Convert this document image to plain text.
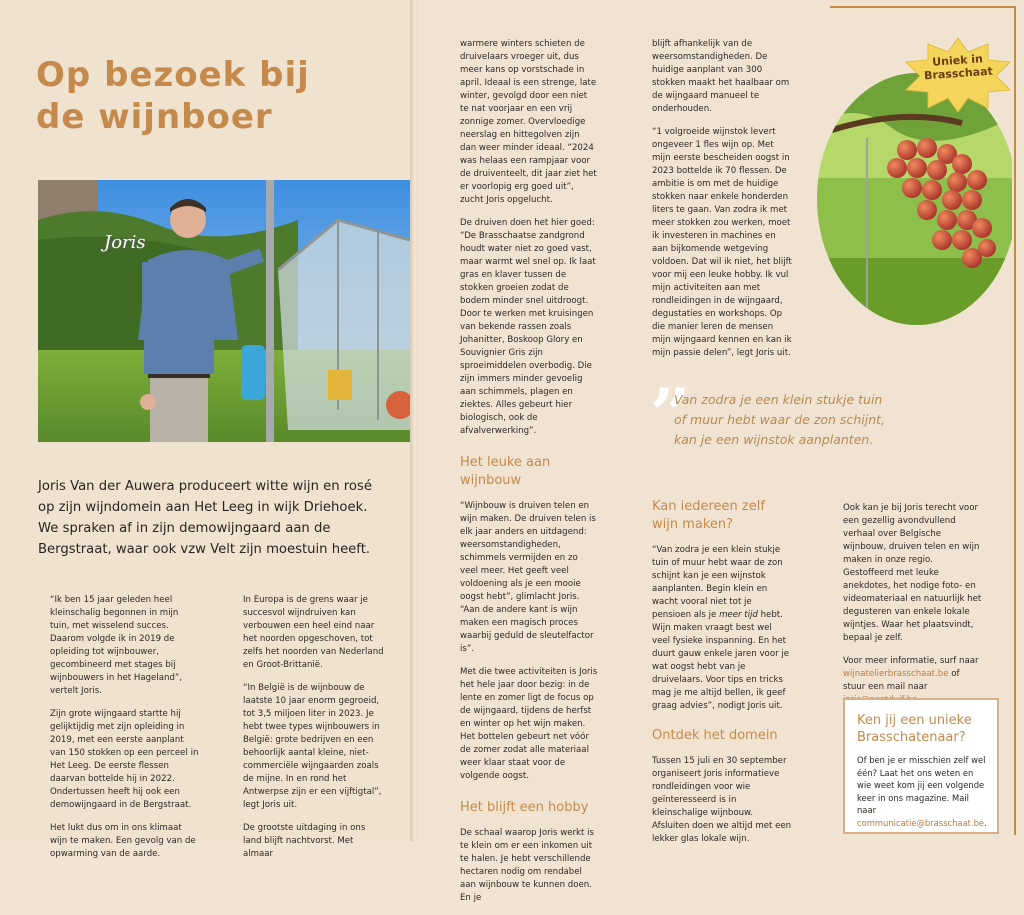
Op bezoek bij
de wijnboer
Joris
Joris Van der Auwera produceert witte wijn en rosé op zijn wijndomein aan Het Leeg in wijk Driehoek. We spraken af in zijn demowijngaard aan de Bergstraat, waar ook vzw Velt zijn moestuin heeft.

“Ik ben 15 jaar geleden heel kleinschalig begonnen in mijn tuin, met wisselend succes. Daarom volgde ik in 2019 de opleiding tot wijnbouwer, gecombineerd met stages bij wijnbouwers in het Hageland”, vertelt Joris.

Zijn grote wijngaard startte hij gelijktijdig met zijn opleiding in 2019, met een eerste aanplant van 150 stokken op een perceel in Het Leeg. De eerste flessen daarvan bottelde hij in 2022. Ondertussen heeft hij ook een demowijngaard in de Bergstraat.

Het lukt dus om in ons klimaat wijn te maken. Een gevolg van de opwarming van de aarde.

In Europa is de grens waar je succesvol wijndruiven kan verbouwen een heel eind naar het noorden opgeschoven, tot zelfs het noorden van Nederland en Groot-Brittanië.

“In België is de wijnbouw de laatste 10 jaar enorm gegroeid, tot 3,5 miljoen liter in 2023. Je hebt twee types wijnbouwers in België: grote bedrijven en een behoorlijk aantal kleine, niet-commerciële wijngaarden zoals de mijne. In en rond het Antwerpse zijn er een vijftigtal”, legt Joris uit.

De grootste uitdaging in ons land blijft nachtvorst. Met almaar

warmere winters schieten de druivelaars vroeger uit, dus meer kans op vorstschade in april. Ideaal is een strenge, late winter, gevolgd door een niet te nat voorjaar en een vrij zonnige zomer. Overvloedige neerslag en hittegolven zijn dan weer minder ideaal. “2024 was helaas een rampjaar voor de druiventeelt, dit jaar ziet het er voorlopig erg goed uit”, zucht Joris opgelucht.

De druiven doen het hier goed: “De Brasschaatse zandgrond houdt water niet zo goed vast, maar warmt wel snel op. Ik laat gras en klaver tussen de stokken groeien zodat de bodem minder snel uitdroogt. Door te werken met kruisingen van bekende rassen zoals Johanitter, Boskoop Glory en Souvignier Gris zijn sproeimiddelen overbodig. Die zijn immers minder gevoelig aan schimmels, plagen en ziektes. Alles gebeurt hier biologisch, ook de afvalverwerking”.

Het leuke aan
wijnbouw

“Wijnbouw is druiven telen en wijn maken. De druiven telen is elk jaar anders en uitdagend: weersomstandigheden, schimmels vermijden en zo veel meer. Het geeft veel voldoening als je een mooie oogst hebt”, glimlacht Joris. “Aan de andere kant is wijn maken een magisch proces waarbij geduld de sleutelfactor is”.

Met die twee activiteiten is Joris het hele jaar door bezig: in de lente en zomer ligt de focus op de wijngaard, tijdens de herfst en winter op het wijn maken. Het bottelen gebeurt net vóór de zomer zodat alle materiaal weer klaar staat voor de volgende oogst.

Het blijft een hobby

De schaal waarop Joris werkt is te klein om er een inkomen uit te halen. Je hebt verschillende hectaren nodig om rendabel aan wijnbouw te kunnen doen. En je

blijft afhankelijk van de weersomstandigheden. De huidige aanplant van 300 stokken maakt het haalbaar om de wijngaard manueel te onderhouden.

“1 volgroeide wijnstok levert ongeveer 1 fles wijn op. Met mijn eerste bescheiden oogst in 2023 bottelde ik 70 flessen. De ambitie is om met de huidige stokken naar enkele honderden liters te gaan. Van zodra ik met meer stokken zou werken, moet ik investeren in machines en aan bijkomende wetgeving voldoen. Dat wil ik niet, het blijft voor mij een leuke hobby. Ik vul mijn activiteiten aan met rondleidingen in de wijngaard, degustaties en workshops. Op die manier leren de mensen mijn wijngaard kennen en kan ik mijn passie delen”, legt Joris uit.

Kan iedereen zelf
wijn maken?

“Van zodra je een klein stukje tuin of muur hebt waar de zon schijnt kan je een wijnstok aanplanten. Begin klein en wacht vooral niet tot je pensioen als je meer tijd hebt. Wijn maken vraagt best wel veel fysieke inspanning. En het duurt gauw enkele jaren voor je wat oogst hebt van je druivelaars. Voor tips en tricks mag je me altijd bellen, ik geef graag advies”, nodigt Joris uit.

Ontdek het domein

Tussen 15 juli en 30 september organiseert Joris informatieve rondleidingen voor wie geïnteresseerd is in kleinschalige wijnbouw. Afsluiten doen we altijd met een lekker glas lokale wijn.

Ook kan je bij Joris terecht voor een gezellig avondvullend verhaal over Belgische wijnbouw, druiven telen en wijn maken in onze regio. Gestoffeerd met leuke anekdotes, het nodige foto- en videomateriaal en natuurlijk het degusteren van enkele lokale wijntjes. Waar het plaatsvindt, bepaal je zelf.

Voor meer informatie, surf naar wijnatelierbrasschaat.be of stuur een mail naar

”
Van zodra je een klein stukje tuin of muur hebt waar de zon schijnt, kan je een wijnstok aanplanten.
Uniek in
Brasschaat
Ken jij een unieke Brasschatenaar?
Of ben je er misschien zelf wel één? Laat het ons weten en wie weet kom jij een volgende keer in ons magazine. Mail naar communicatie@brasschaat.be.
